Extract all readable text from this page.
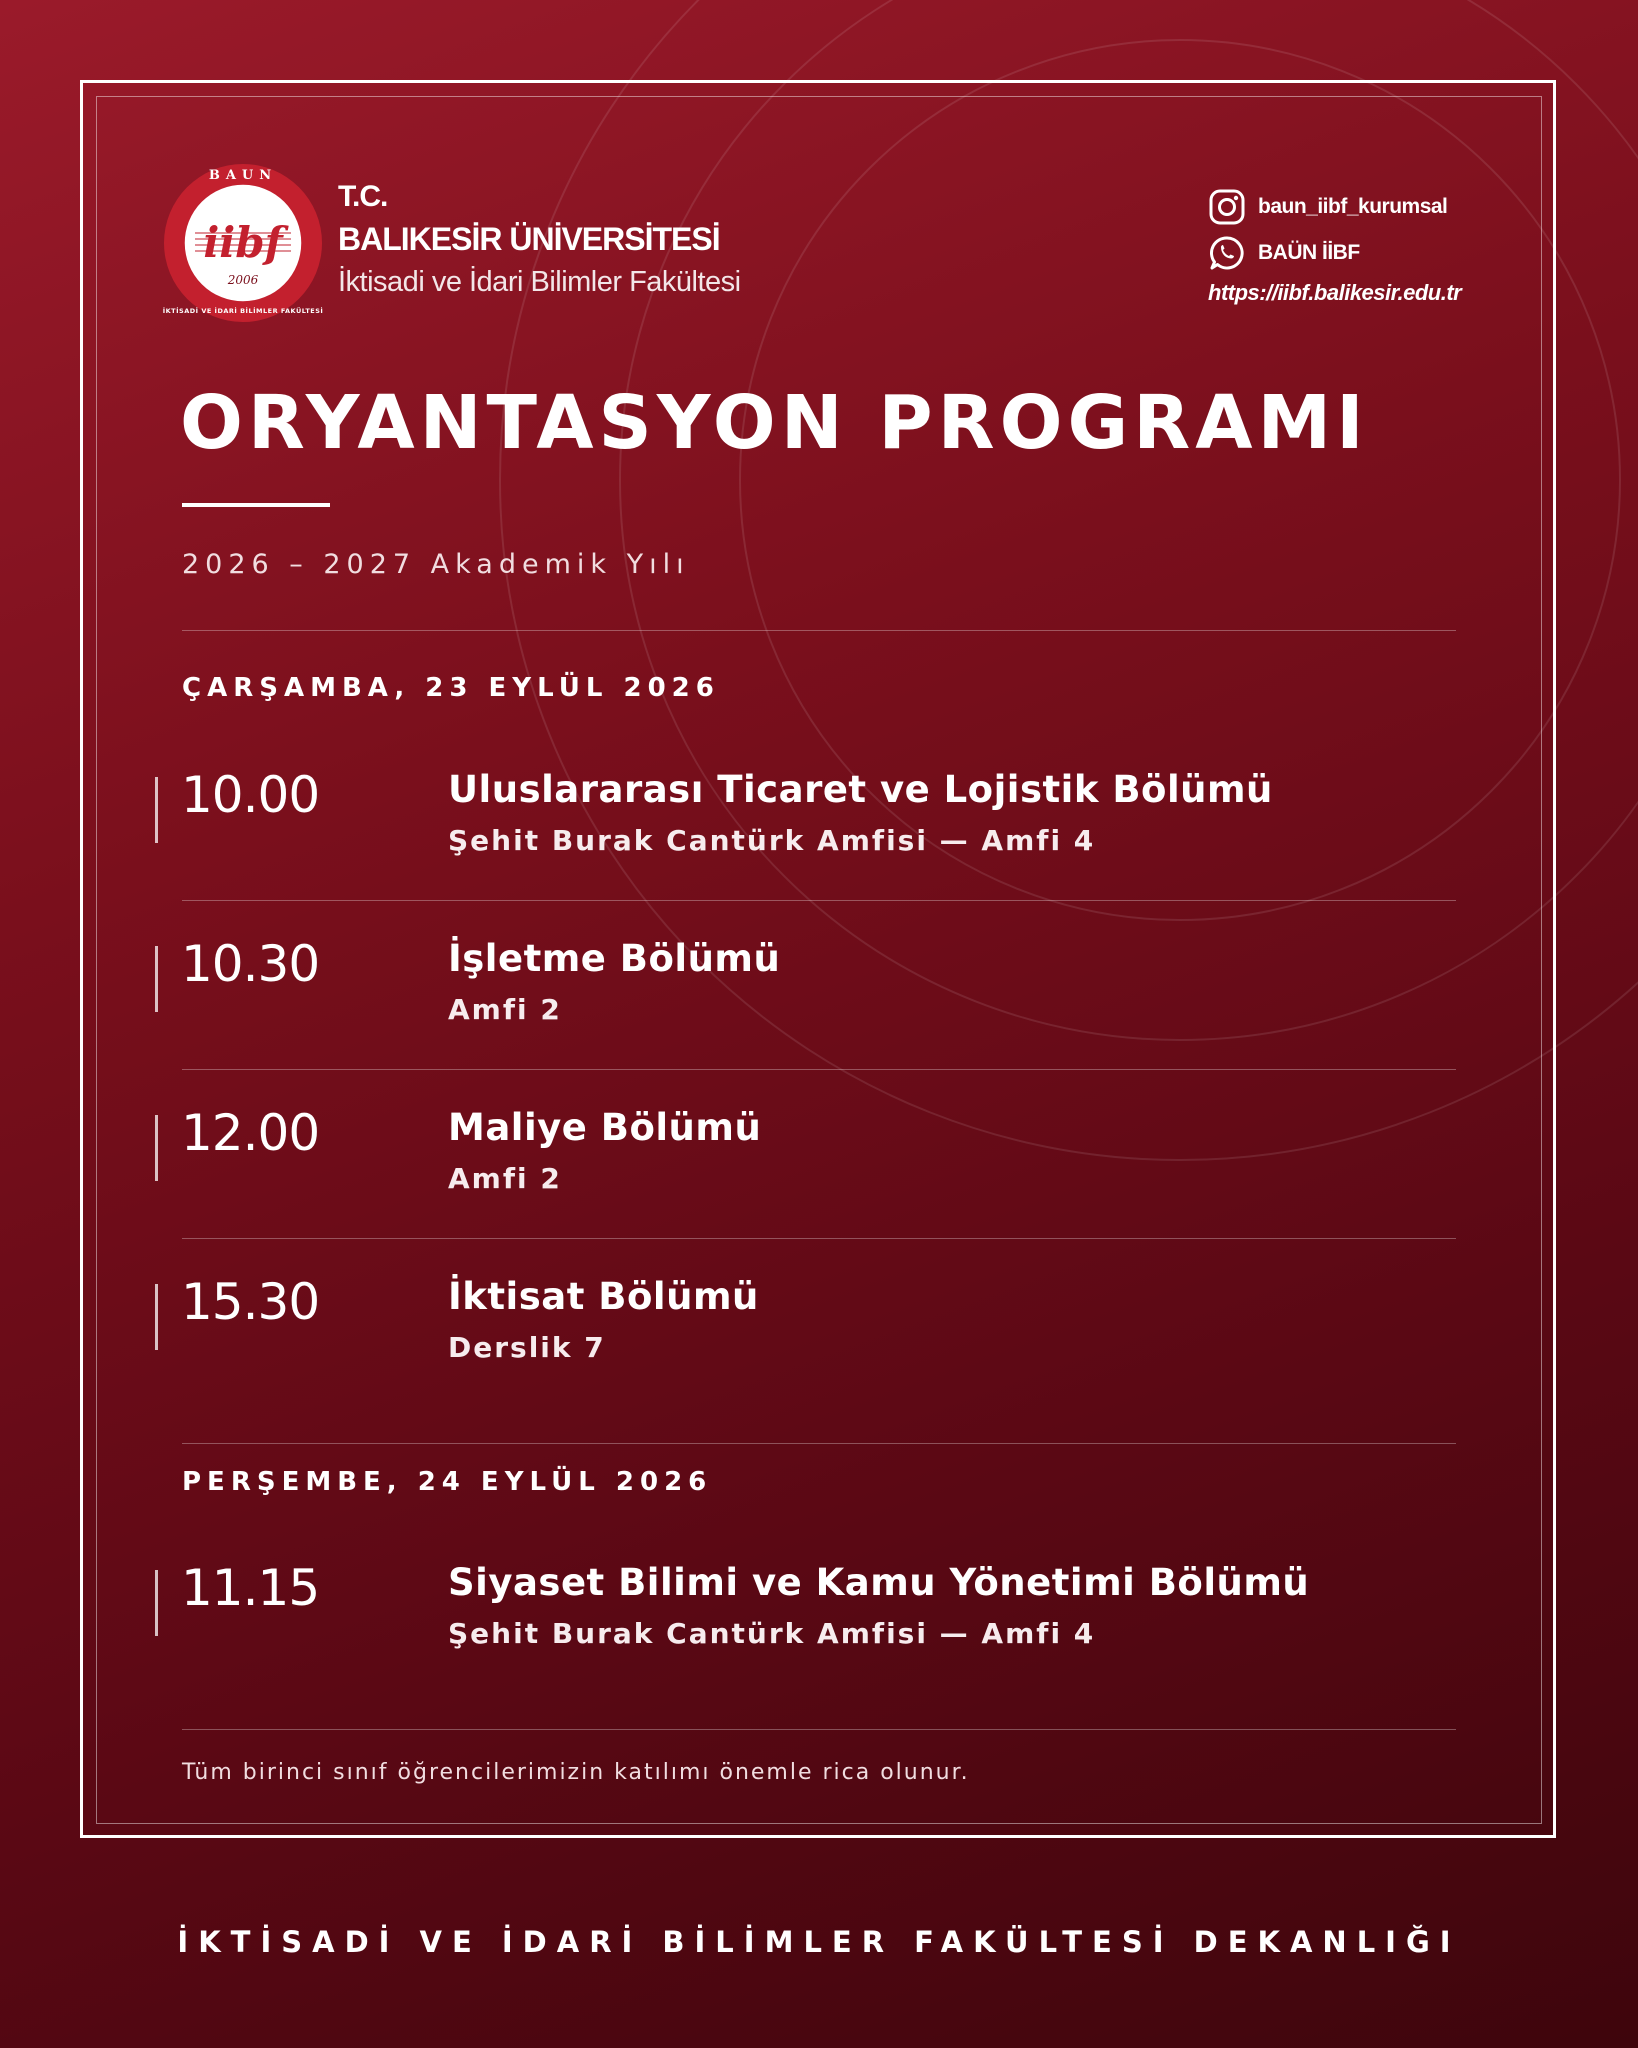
BAUN
İKTİSADİ VE İDARİ BİLİMLER FAKÜLTESİ
iibf
2006
T.C.
BALIKESİR ÜNİVERSİTESİ
İktisadi ve İdari Bilimler Fakültesi
baun_iibf_kurumsal
BAÜN İİBF
https://iibf.balikesir.edu.tr
ORYANTASYON PROGRAMI
2026 – 2027 Akademik Yılı
ÇARŞAMBA, 23 EYLÜL 2026
10.00	Uluslararası Ticaret ve Lojistik Bölümü
Şehit Burak Cantürk Amfisi — Amfi 4
10.30	İşletme Bölümü
Amfi 2
12.00	Maliye Bölümü
Amfi 2
15.30	İktisat Bölümü
Derslik 7
PERŞEMBE, 24 EYLÜL 2026
11.15	Siyaset Bilimi ve Kamu Yönetimi Bölümü
Şehit Burak Cantürk Amfisi — Amfi 4
Tüm birinci sınıf öğrencilerimizin katılımı önemle rica olunur.
İKTİSADİ VE İDARİ BİLİMLER FAKÜLTESİ DEKANLIĞI
